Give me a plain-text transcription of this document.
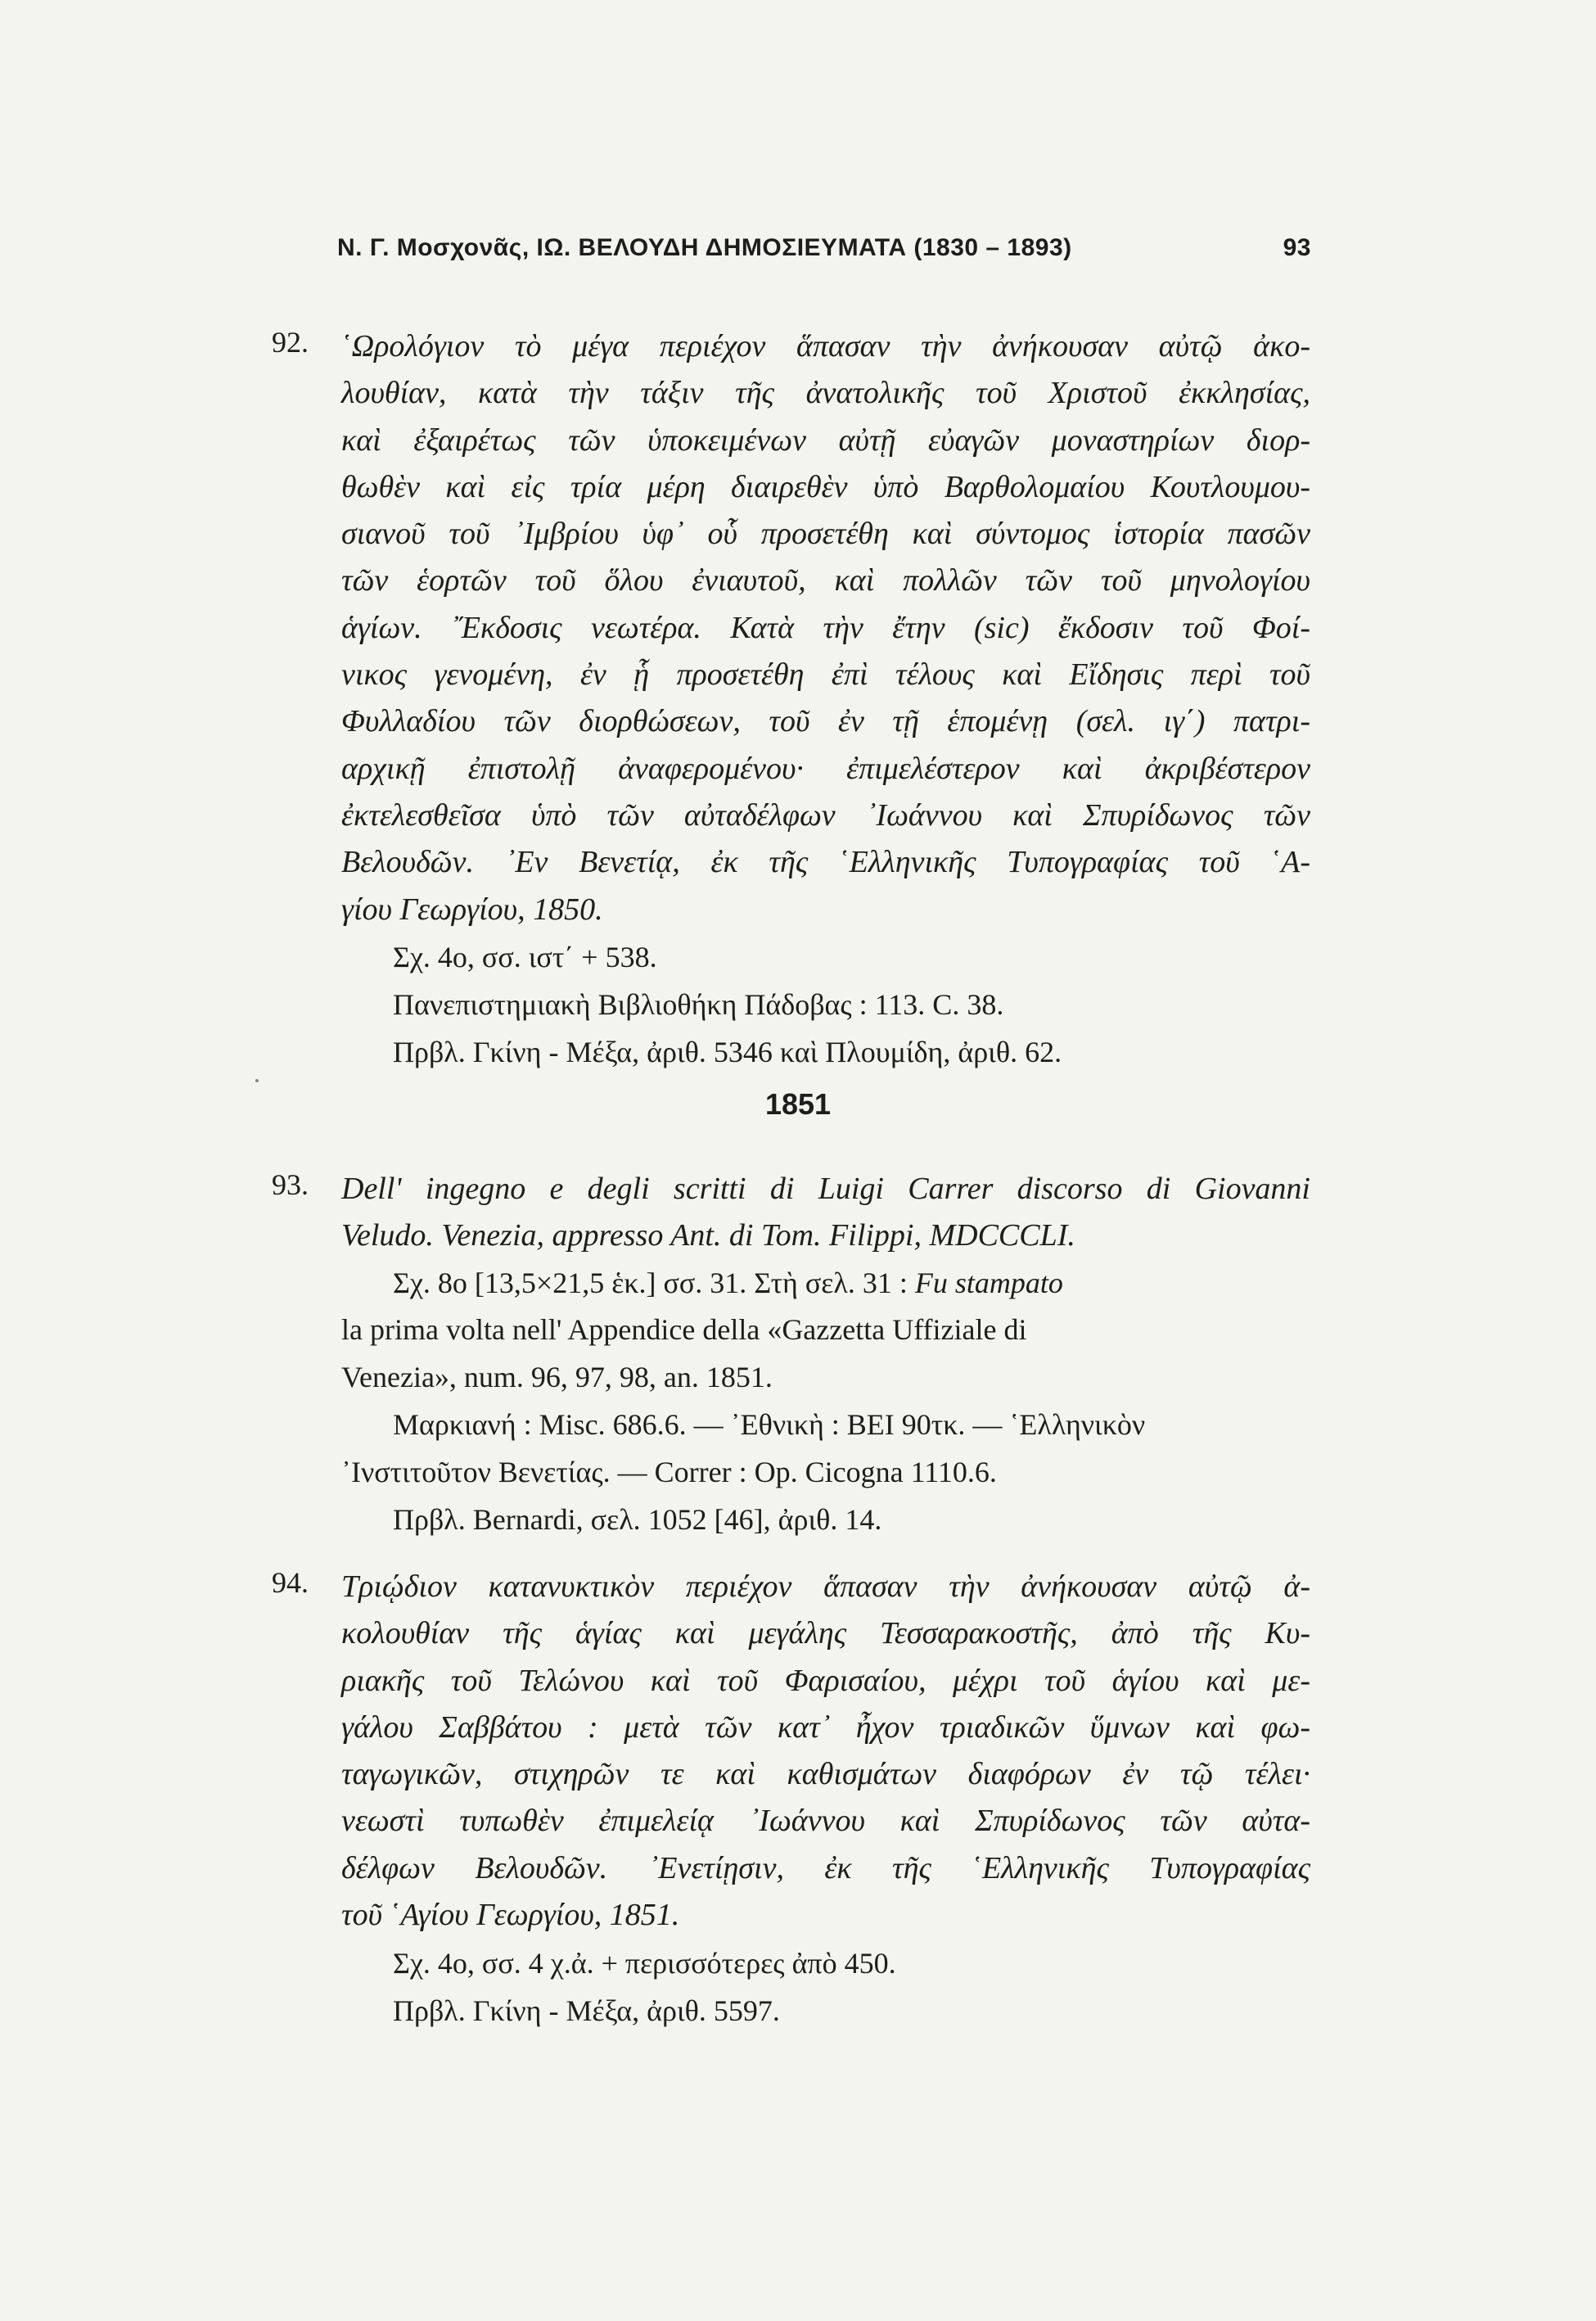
Ν. Γ. Μοσχονᾶς, ΙΩ. ΒΕΛΟΥΔΗ ΔΗΜΟΣΙΕΥΜΑΤΑ (1830 – 1893)	93
92. ῾Ωρολόγιον τὸ μέγα περιέχον ἅπασαν τὴν ἀνήκουσαν αὐτῷ ἀκο-
λουθίαν, κατὰ τὴν τάξιν τῆς ἀνατολικῆς τοῦ Χριστοῦ ἐκκλησίας,
καὶ ἐξαιρέτως τῶν ὑποκειμένων αὐτῇ εὐαγῶν μοναστηρίων διορ-
θωθὲν καὶ εἰς τρία μέρη διαιρεθὲν ὑπὸ Βαρθολομαίου Κουτλουμου-
σιανοῦ τοῦ ᾽Ιμβρίου ὑφ᾽ οὗ προσετέθη καὶ σύντομος ἱστορία πασῶν
τῶν ἑορτῶν τοῦ ὅλου ἐνιαυτοῦ, καὶ πολλῶν τῶν τοῦ μηνολογίου
ἁγίων. ῎Εκδοσις νεωτέρα. Κατὰ τὴν ἔτην (sic) ἔκδοσιν τοῦ Φοί-
νικος γενομένη, ἐν ᾗ προσετέθη ἐπὶ τέλους καὶ Εἴδησις περὶ τοῦ
Φυλλαδίου τῶν διορθώσεων, τοῦ ἐν τῇ ἑπομένῃ (σελ. ιγ΄) πατρι-
αρχικῇ ἐπιστολῇ ἀναφερομένου· ἐπιμελέστερον καὶ ἀκριβέστερον
ἐκτελεσθεῖσα ὑπὸ τῶν αὐταδέλφων ᾽Ιωάννου καὶ Σπυρίδωνος τῶν
Βελουδῶν. ᾽Εν Βενετίᾳ, ἐκ τῆς ῾Ελληνικῆς Τυπογραφίας τοῦ ῾Α-
γίου Γεωργίου, 1850.
Σχ. 4ο, σσ. ιστ΄ + 538.
Πανεπιστημιακὴ Βιβλιοθήκη Πάδοβας : 113. C. 38.
Πρβλ. Γκίνη - Μέξα, ἀριθ. 5346 καὶ Πλουμίδη, ἀριθ. 62.
1851
93. Dell' ingegno e degli scritti di Luigi Carrer discorso di Giovanni
Veludo. Venezia, appresso Ant. di Tom. Filippi, MDCCCLI.
Σχ. 8ο [13,5×21,5 ἑκ.] σσ. 31. Στὴ σελ. 31 : Fu stampato
la prima volta nell' Appendice della «Gazzetta Uffiziale di
Venezia», num. 96, 97, 98, an. 1851.
Μαρκιανή : Misc. 686.6. — ᾽Εθνικὴ : ΒΕΙ 90τκ. — ῾Ελληνικὸν
᾽Ινστιτοῦτον Βενετίας. — Correr : Op. Cicogna 1110.6.
Πρβλ. Bernardi, σελ. 1052 [46], ἀριθ. 14.
94. Τριῴδιον κατανυκτικὸν περιέχον ἅπασαν τὴν ἀνήκουσαν αὐτῷ ἀ-
κολουθίαν τῆς ἁγίας καὶ μεγάλης Τεσσαρακοστῆς, ἀπὸ τῆς Κυ-
ριακῆς τοῦ Τελώνου καὶ τοῦ Φαρισαίου, μέχρι τοῦ ἁγίου καὶ με-
γάλου Σαββάτου : μετὰ τῶν κατ᾽ ἦχον τριαδικῶν ὕμνων καὶ φω-
ταγωγικῶν, στιχηρῶν τε καὶ καθισμάτων διαφόρων ἐν τῷ τέλει·
νεωστὶ τυπωθὲν ἐπιμελείᾳ ᾽Ιωάννου καὶ Σπυρίδωνος τῶν αὐτα-
δέλφων Βελουδῶν. ᾽Ενετίῃσιν, ἐκ τῆς ῾Ελληνικῆς Τυπογραφίας
τοῦ ῾Αγίου Γεωργίου, 1851.
Σχ. 4ο, σσ. 4 χ.ἀ. + περισσότερες ἀπὸ 450.
Πρβλ. Γκίνη - Μέξα, ἀριθ. 5597.
